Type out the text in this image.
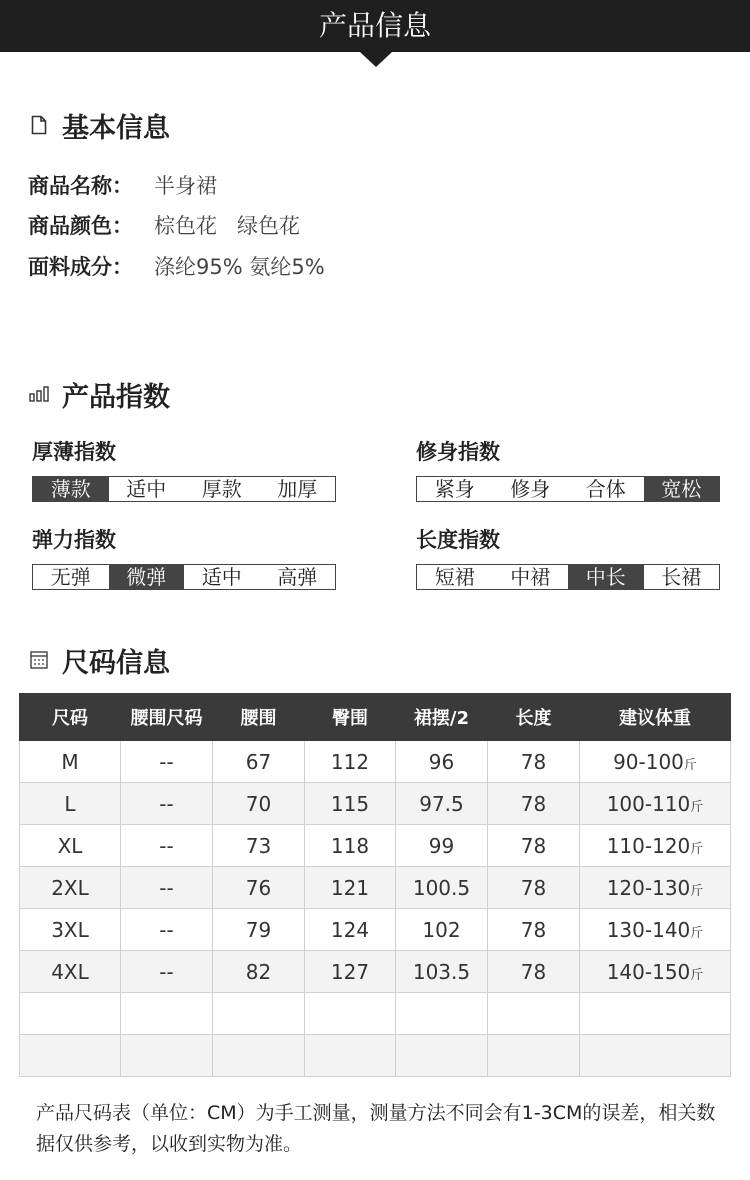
产品信息
基本信息
商品名称： 半身裙
商品颜色： 棕色花   绿色花
面料成分： 涤纶95% 氨纶5%
产品指数
厚薄指数
薄款	适中	厚款	加厚
修身指数
紧身	修身	合体	宽松
弹力指数
无弹	微弹	适中	高弹
长度指数
短裙	中裙	中长	长裙
尺码信息
尺码	腰围尺码	腰围	臀围	裙摆/2	长度	建议体重
M	--	67	112	96	78	90-100斤
L	--	70	115	97.5	78	100-110斤
XL	--	73	118	99	78	110-120斤
2XL	--	76	121	100.5	78	120-130斤
3XL	--	79	124	102	78	130-140斤
4XL	--	82	127	103.5	78	140-150斤

产品尺码表（单位：CM）为手工测量，测量方法不同会有1-3CM的误差，相关数据仅供参考，以收到实物为准。
